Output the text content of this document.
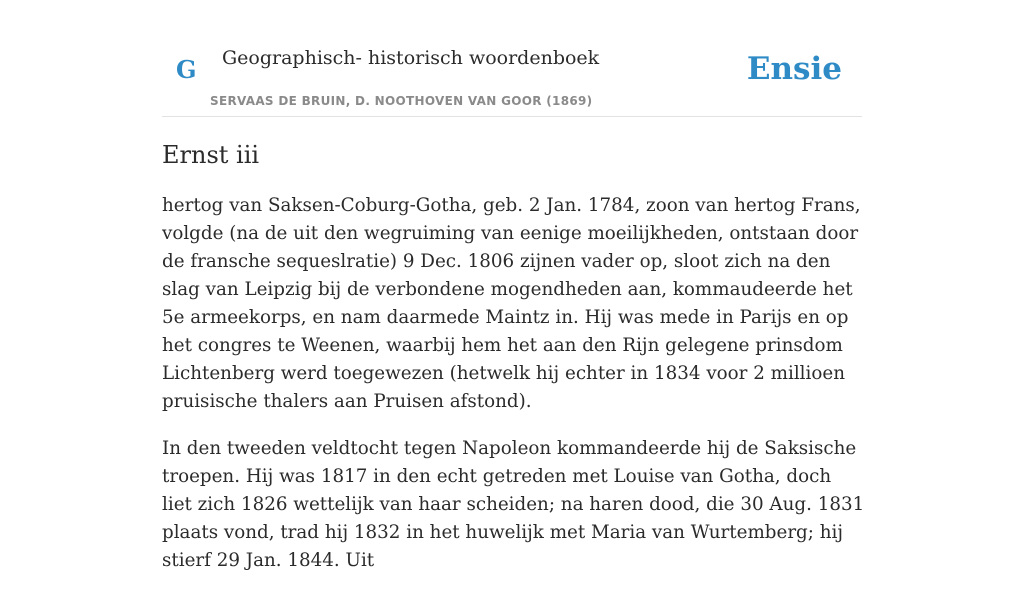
G Geographisch- historisch woordenboek
SERVAAS DE BRUIN, D. NOOTHOVEN VAN GOOR (1869)
Ensie
Ernst iii

hertog van Saksen-Coburg-Gotha, geb. 2 Jan. 1784, zoon van hertog Frans, volgde (na de uit den wegruiming van eenige moeilijkheden, ontstaan door de fransche sequeslratie) 9 Dec. 1806 zijnen vader op, sloot zich na den slag van Leipzig bij de verbondene mogendheden aan, kommaudeerde het 5e armeekorps, en nam daarmede Maintz in. Hij was mede in Parijs en op het congres te Weenen, waarbij hem het aan den Rijn gelegene prinsdom Lichtenberg werd toegewezen (hetwelk hij echter in 1834 voor 2 millioen pruisische thalers aan Pruisen afstond).

In den tweeden veldtocht tegen Napoleon kommandeerde hij de Saksische troepen. Hij was 1817 in den echt getreden met Louise van Gotha, doch liet zich 1826 wettelijk van haar scheiden; na haren dood, die 30 Aug. 1831 plaats vond, trad hij 1832 in het huwelijk met Maria van Wurtemberg; hij stierf 29 Jan. 1844. Uit
